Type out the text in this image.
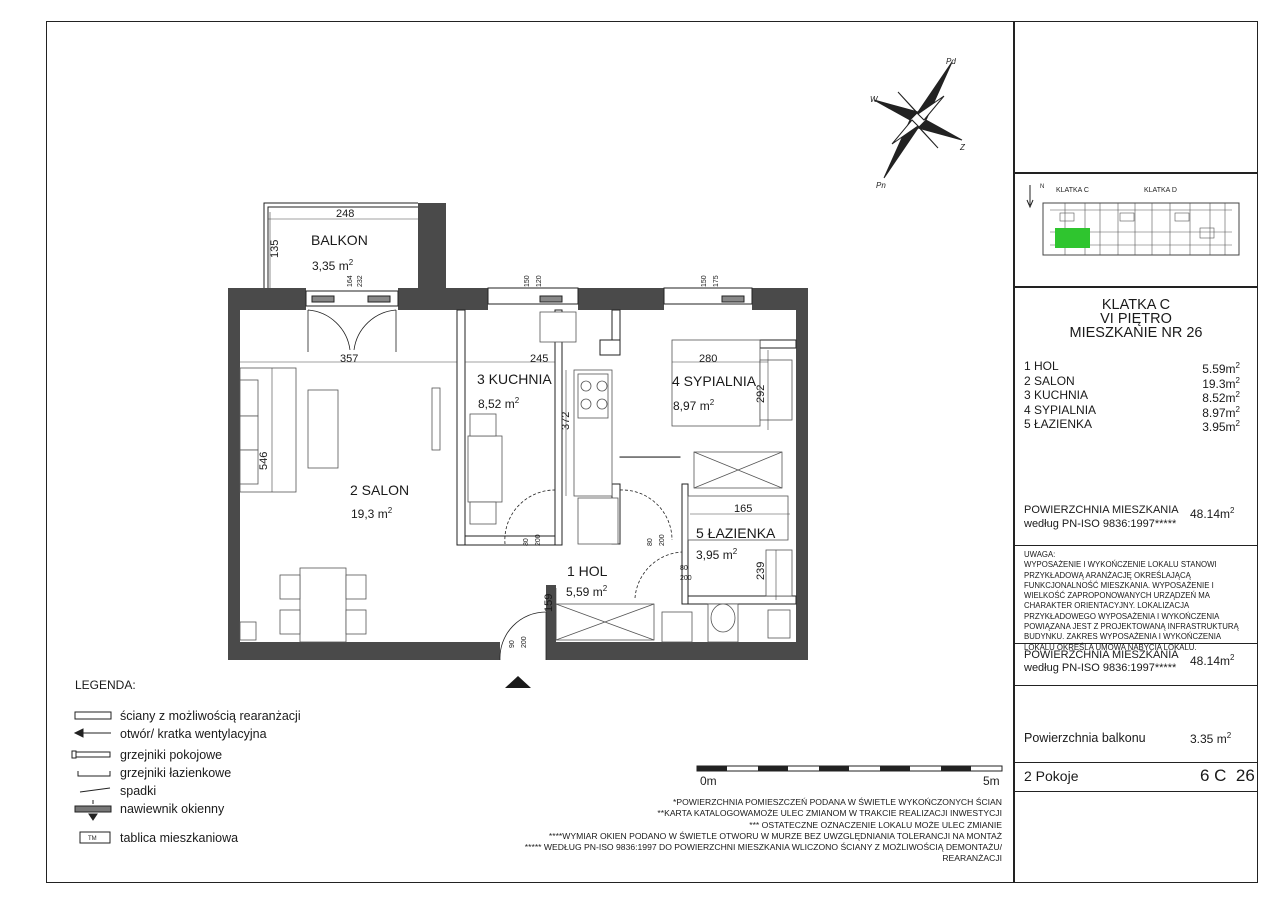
Pd
W
Z
Pn
KLATKA C	KLATKA D
N
0m	5m
BALKON
3,35 $m^2$
2 SALON
19,3 $m^2$
3 KUCHNIA
8,52 $m^2$
4 SYPIALNIA
8,97 $m^2$
5 ŁAZIENKA
3,95 $m^2$
1 HOL
5,59 $m^2$
248
135
164 232
357
546
150 120
245
372
150 175
280
292
165
239
159
80 200	80 200
80
200
90 200
TM
LEGENDA:
ściany z możliwością rearanżacji
otwór/ kratka wentylacyjna
grzejniki pokojowe
grzejniki łazienkowe
spadki
nawiewnik okienny
tablica mieszkaniowa
*POWIERZCHNIA POMIESZCZEŃ PODANA W ŚWIETLE WYKOŃCZONYCH ŚCIAN
**KARTA KATALOGOWAMOŻE ULEC ZMIANOM W TRAKCIE REALIZACJI INWESTYCJI
*** OSTATECZNE OZNACZENIE LOKALU MOŻE ULEC ZMIANIE
****WYMIAR OKIEN PODANO W ŚWIETLE OTWORU W MURZE BEZ UWZGLĘDNIANIA TOLERANCJI NA MONTAŻ
***** WEDŁUG PN-ISO 9836:1997 DO POWIERZCHNI MIESZKANIA WLICZONO ŚCIANY Z MOŻLIWOŚCIĄ DEMONTAŻU/
REARANŻACJI
KLATKA C
VI PIĘTRO
MIESZKANIE NR 26
1 HOL	$5.59m^2$
2 SALON	$19.3m^2$
3 KUCHNIA	$8.52m^2$
4 SYPIALNIA	$8.97m^2$
5 ŁAZIENKA	$3.95m^2$
POWIERZCHNIA MIESZKANIA
według PN-ISO 9836:1997*****
$48.14m^2$
UWAGA:
WYPOSAŻENIE I WYKOŃCZENIE LOKALU STANOWI PRZYKŁADOWĄ ARANŻACJĘ OKREŚLAJĄCĄ FUNKCJONALNOŚĆ MIESZKANIA. WYPOSAŻENIE I WIELKOŚĆ ZAPROPONOWANYCH URZĄDZEŃ MA CHARAKTER ORIENTACYJNY. LOKALIZACJA PRZYKŁADOWEGO WYPOSAŻENIA I WYKOŃCZENIA POWIĄZANA JEST Z PROJEKTOWANĄ INFRASTRUKTURĄ BUDYNKU. ZAKRES WYPOSAŻENIA I WYKOŃCZENIA LOKALU OKREŚLA UMOWA NABYCIA LOKALU.
POWIERZCHNIA MIESZKANIA
według PN-ISO 9836:1997***** $48.14m^2$
Powierzchnia balkonu	3.35 $m^2$
2 Pokoje	6 C  26
